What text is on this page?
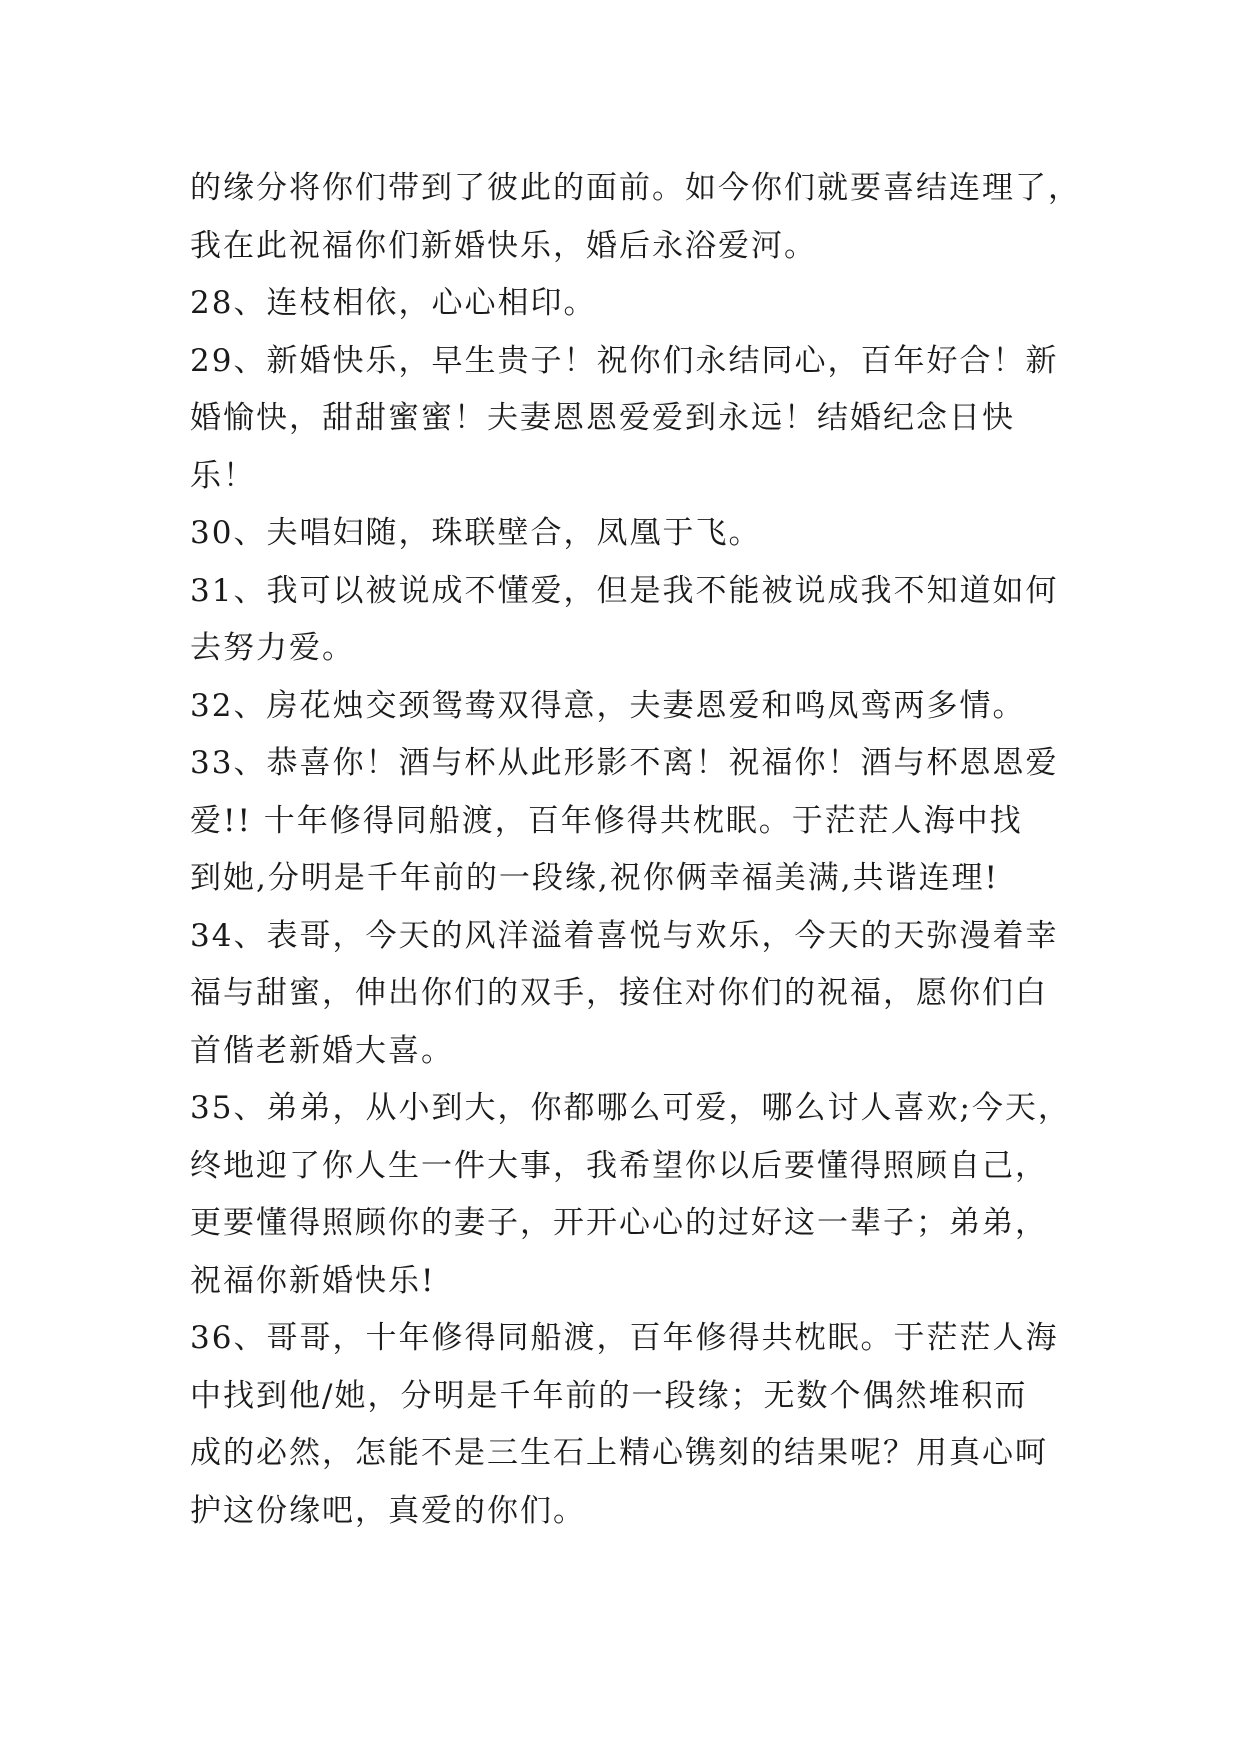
的缘分将你们带到了彼此的面前。如今你们就要喜结连理了，
我在此祝福你们新婚快乐，婚后永浴爱河。
28、连枝相依，心心相印。
29、新婚快乐，早生贵子！祝你们永结同心，百年好合！新
婚愉快，甜甜蜜蜜！夫妻恩恩爱爱到永远！结婚纪念日快
乐！
30、夫唱妇随，珠联壁合，凤凰于飞。
31、我可以被说成不懂爱，但是我不能被说成我不知道如何
去努力爱。
32、房花烛交颈鸳鸯双得意，夫妻恩爱和鸣凤鸾两多情。
33、恭喜你！酒与杯从此形影不离！祝福你！酒与杯恩恩爱
爱!! 十年修得同船渡，百年修得共枕眠。于茫茫人海中找
到她,分明是千年前的一段缘,祝你俩幸福美满,共谐连理!
34、表哥，今天的风洋溢着喜悦与欢乐，今天的天弥漫着幸
福与甜蜜，伸出你们的双手，接住对你们的祝福，愿你们白
首偕老新婚大喜。
35、弟弟，从小到大，你都哪么可爱，哪么讨人喜欢;今天，
终地迎了你人生一件大事，我希望你以后要懂得照顾自己，
更要懂得照顾你的妻子，开开心心的过好这一辈子；弟弟，
祝福你新婚快乐!
36、哥哥，十年修得同船渡，百年修得共枕眠。于茫茫人海
中找到他/她，分明是千年前的一段缘；无数个偶然堆积而
成的必然，怎能不是三生石上精心镌刻的结果呢？用真心呵
护这份缘吧，真爱的你们。
